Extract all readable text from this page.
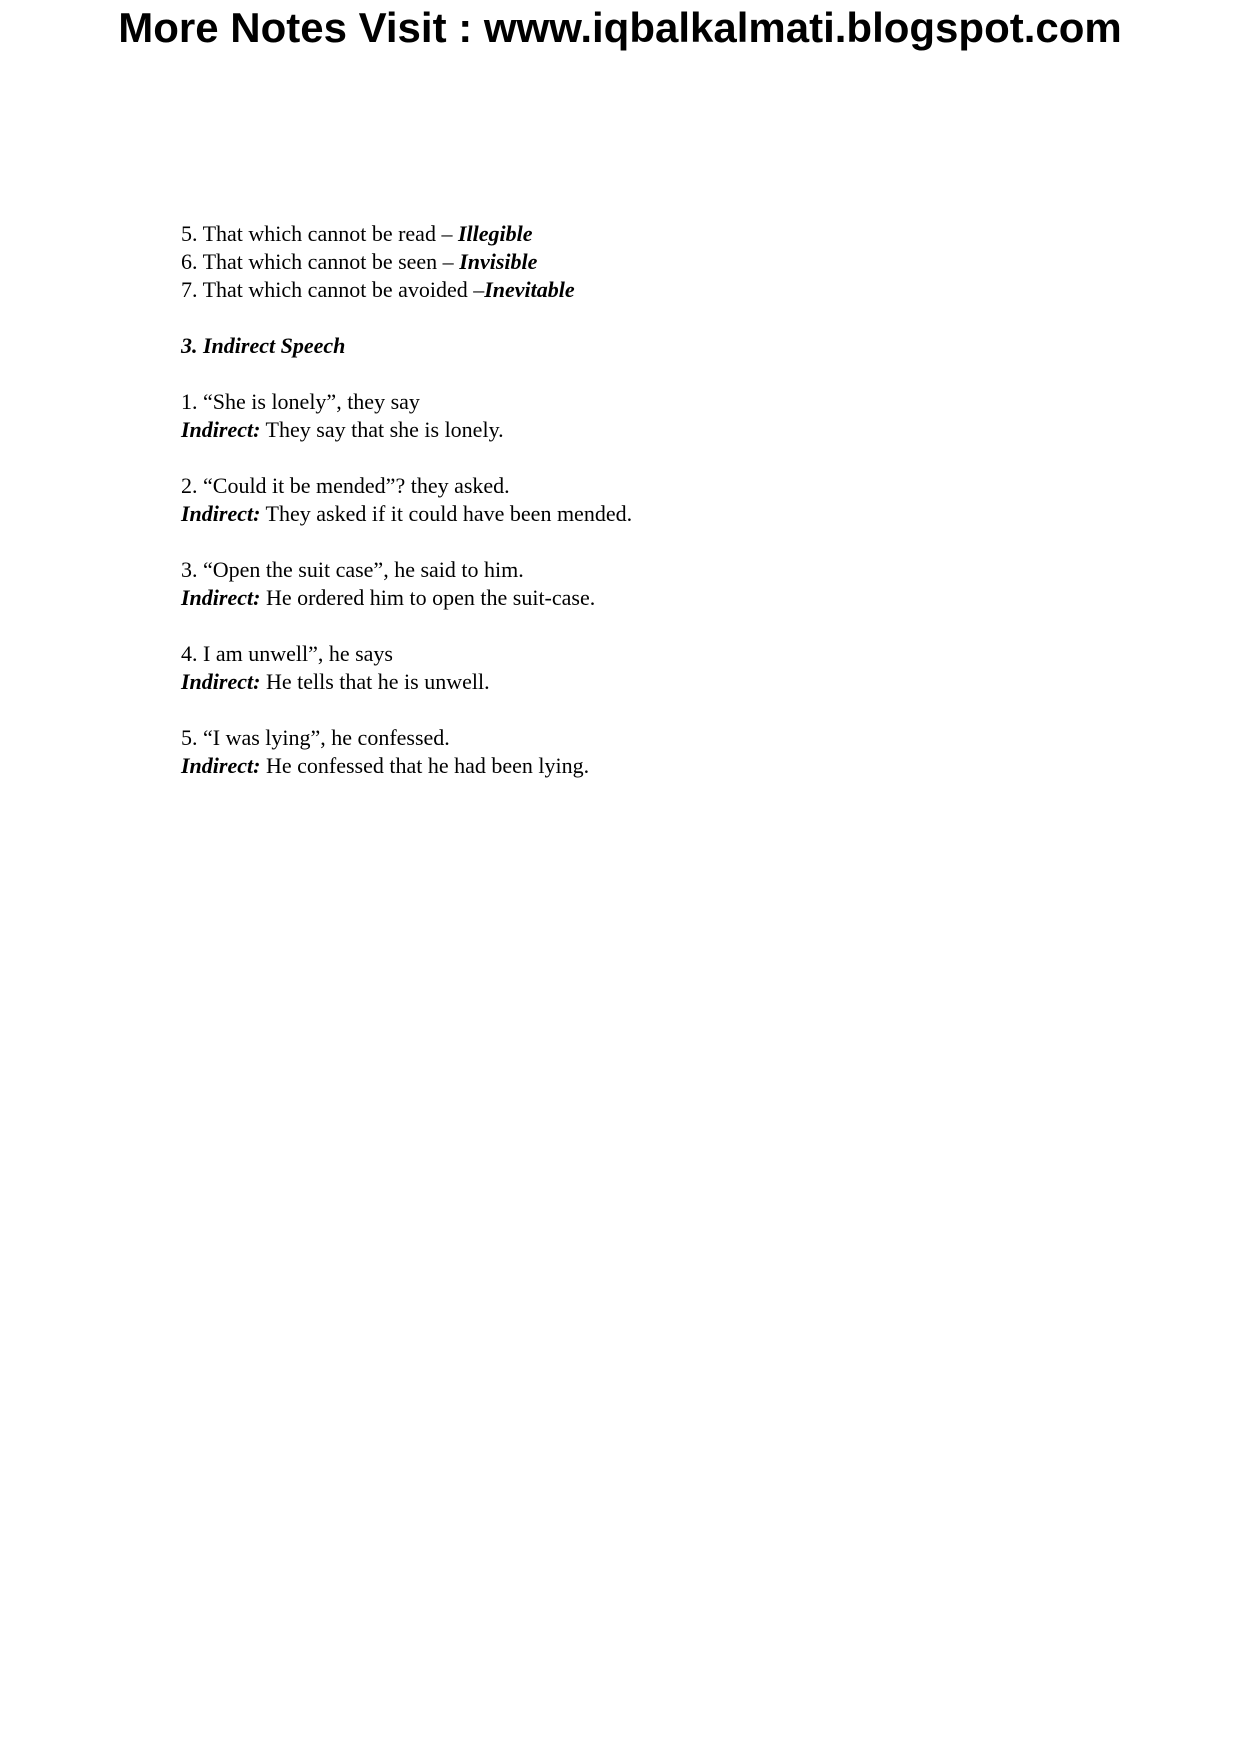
More Notes Visit : www.iqbalkalmati.blogspot.com
5. That which cannot be read – Illegible
6. That which cannot be seen – Invisible
7. That which cannot be avoided –Inevitable
3. Indirect Speech
1. “She is lonely”, they say
Indirect: They say that she is lonely.
2. “Could it be mended”? they asked.
Indirect: They asked if it could have been mended.
3. “Open the suit case”, he said to him.
Indirect: He ordered him to open the suit-case.
4. I am unwell”, he says
Indirect: He tells that he is unwell.
5. “I was lying”, he confessed.
Indirect: He confessed that he had been lying.
